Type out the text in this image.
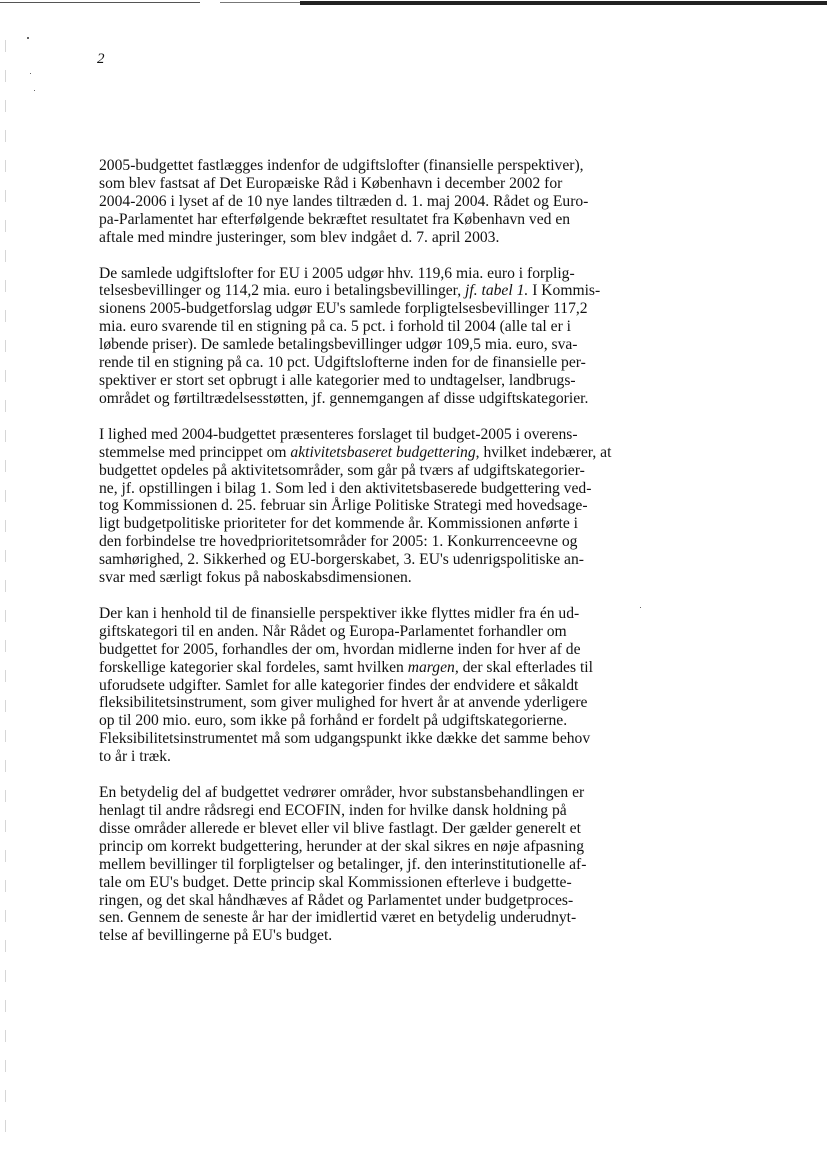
2

2005-budgettet fastlægges indenfor de udgiftslofter (finansielle perspektiver),
som blev fastsat af Det Europæiske Råd i København i december 2002 for
2004-2006 i lyset af de 10 nye landes tiltræden d. 1. maj 2004. Rådet og Euro-
pa-Parlamentet har efterfølgende bekræftet resultatet fra København ved en
aftale med mindre justeringer, som blev indgået d. 7. april 2003.

De samlede udgiftslofter for EU i 2005 udgør hhv. 119,6 mia. euro i forplig-
telsesbevillinger og 114,2 mia. euro i betalingsbevillinger, jf. tabel 1. I Kommis-
sionens 2005-budgetforslag udgør EU's samlede forpligtelsesbevillinger 117,2
mia. euro svarende til en stigning på ca. 5 pct. i forhold til 2004 (alle tal er i
løbende priser). De samlede betalingsbevillinger udgør 109,5 mia. euro, sva-
rende til en stigning på ca. 10 pct. Udgiftslofterne inden for de finansielle per-
spektiver er stort set opbrugt i alle kategorier med to undtagelser, landbrugs-
området og førtiltrædelsesstøtten, jf. gennemgangen af disse udgiftskategorier.

I lighed med 2004-budgettet præsenteres forslaget til budget-2005 i overens-
stemmelse med princippet om aktivitetsbaseret budgettering, hvilket indebærer, at
budgettet opdeles på aktivitetsområder, som går på tværs af udgiftskategorier-
ne, jf. opstillingen i bilag 1. Som led i den aktivitetsbaserede budgettering ved-
tog Kommissionen d. 25. februar sin Årlige Politiske Strategi med hovedsage-
ligt budgetpolitiske prioriteter for det kommende år. Kommissionen anførte i
den forbindelse tre hovedprioritetsområder for 2005: 1. Konkurrenceevne og
samhørighed, 2. Sikkerhed og EU-borgerskabet, 3. EU's udenrigspolitiske an-
svar med særligt fokus på naboskabsdimensionen.

Der kan i henhold til de finansielle perspektiver ikke flyttes midler fra én ud-
giftskategori til en anden. Når Rådet og Europa-Parlamentet forhandler om
budgettet for 2005, forhandles der om, hvordan midlerne inden for hver af de
forskellige kategorier skal fordeles, samt hvilken margen, der skal efterlades til
uforudsete udgifter. Samlet for alle kategorier findes der endvidere et såkaldt
fleksibilitetsinstrument, som giver mulighed for hvert år at anvende yderligere
op til 200 mio. euro, som ikke på forhånd er fordelt på udgiftskategorierne.
Fleksibilitetsinstrumentet må som udgangspunkt ikke dække det samme behov
to år i træk.

En betydelig del af budgettet vedrører områder, hvor substansbehandlingen er
henlagt til andre rådsregi end ECOFIN, inden for hvilke dansk holdning på
disse områder allerede er blevet eller vil blive fastlagt. Der gælder generelt et
princip om korrekt budgettering, herunder at der skal sikres en nøje afpasning
mellem bevillinger til forpligtelser og betalinger, jf. den interinstitutionelle af-
tale om EU's budget. Dette princip skal Kommissionen efterleve i budgette-
ringen, og det skal håndhæves af Rådet og Parlamentet under budgetproces-
sen. Gennem de seneste år har der imidlertid været en betydelig underudnyt-
telse af bevillingerne på EU's budget.
